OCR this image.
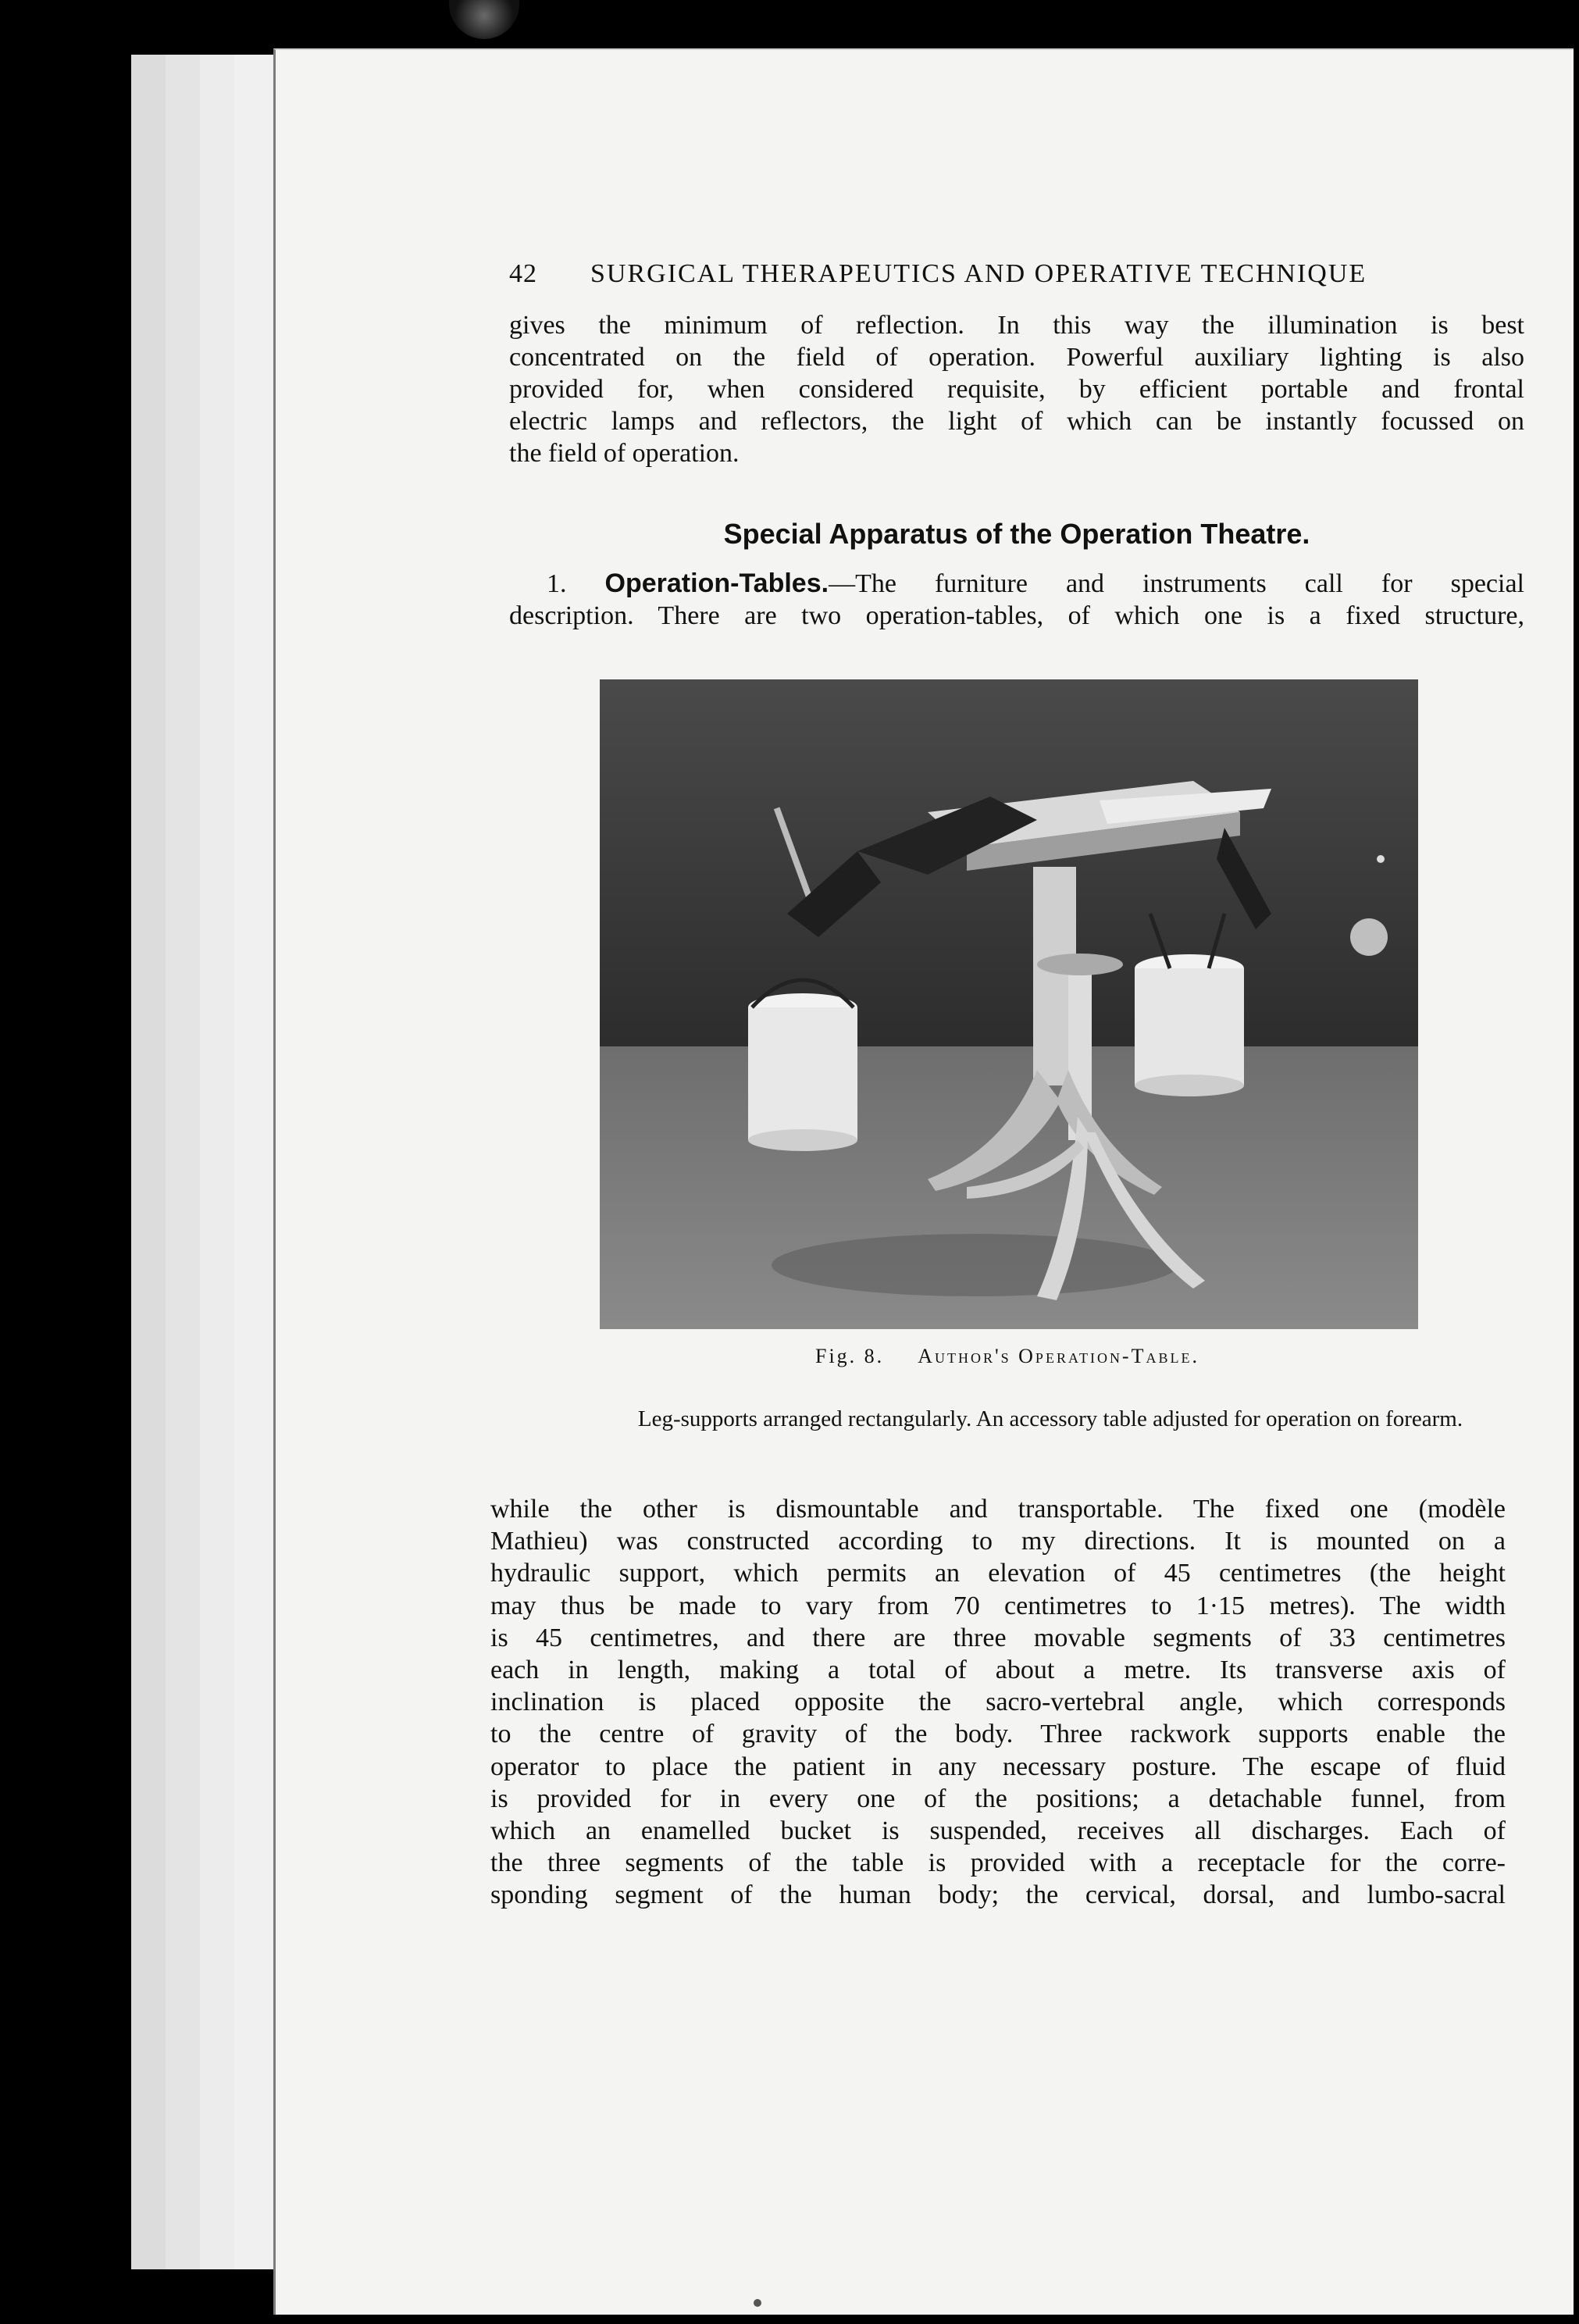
42 SURGICAL THERAPEUTICS AND OPERATIVE TECHNIQUE

gives the minimum of reflection. In this way the illumination is best

concentrated on the field of operation. Powerful auxiliary lighting is also

provided for, when considered requisite, by efficient portable and frontal

electric lamps and reflectors, the light of which can be instantly focussed on

the field of operation.

Special Apparatus of the Operation Theatre.

1. Operation-Tables.—The furniture and instruments call for special

description. There are two operation-tables, of which one is a fixed structure,

Fig. 8. Author's Operation-Table.
Leg-supports arranged rectangularly. An accessory table adjusted for operation on forearm.

while the other is dismountable and transportable. The fixed one (modèle

Mathieu) was constructed according to my directions. It is mounted on a

hydraulic support, which permits an elevation of 45 centimetres (the height

may thus be made to vary from 70 centimetres to 1·15 metres). The width

is 45 centimetres, and there are three movable segments of 33 centimetres

each in length, making a total of about a metre. Its transverse axis of

inclination is placed opposite the sacro-vertebral angle, which corresponds

to the centre of gravity of the body. Three rackwork supports enable the

operator to place the patient in any necessary posture. The escape of fluid

is provided for in every one of the positions; a detachable funnel, from

which an enamelled bucket is suspended, receives all discharges. Each of

the three segments of the table is provided with a receptacle for the corre-

sponding segment of the human body; the cervical, dorsal, and lumbo-sacral
